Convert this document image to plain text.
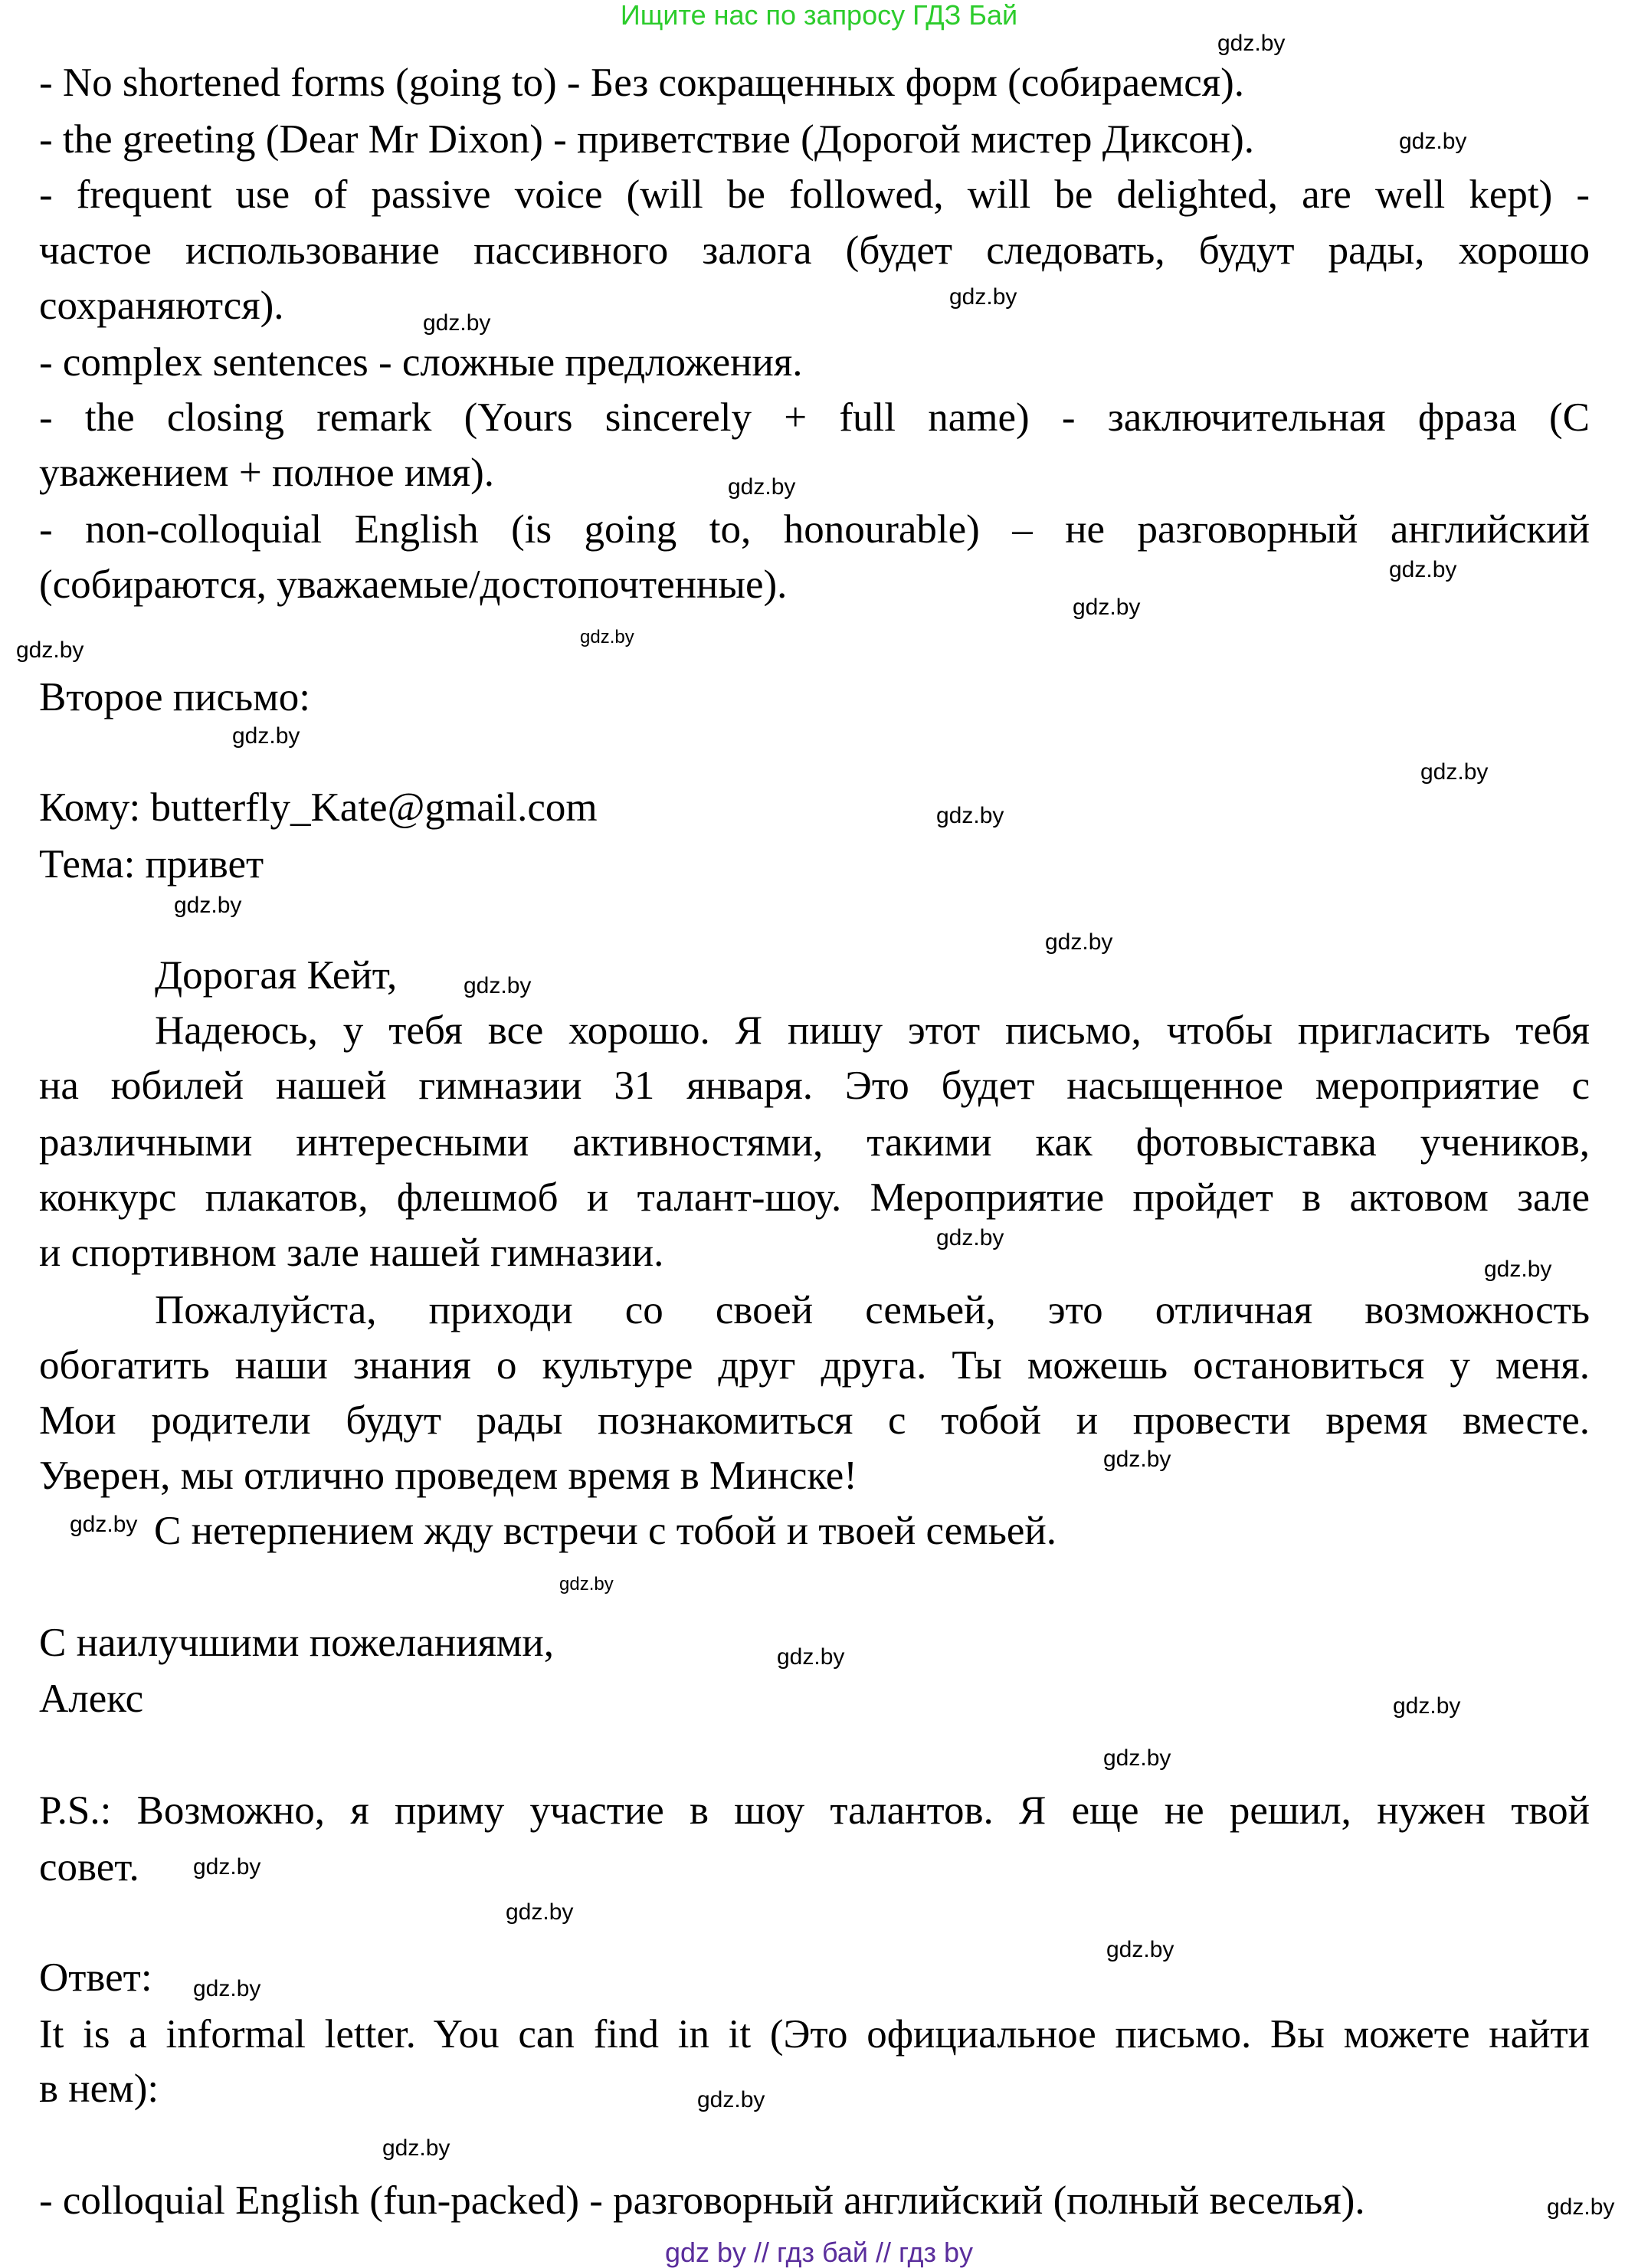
Ищите нас по запросу ГДЗ Бай
- No shortened forms (going to) - Без сокращенных форм (собираемся).
- the greeting (Dear Mr Dixon) - приветствие (Дорогой мистер Диксон).
- frequent use of passive voice (will be followed, will be delighted, are well kept) -
частое использование пассивного залога (будет следовать, будут рады, хорошо
сохраняются).
- complex sentences - сложные предложения.
- the closing remark (Yours sincerely + full name) - заключительная фраза (С
уважением + полное имя).
- non-colloquial English (is going to, honourable) – не разговорный английский
(собираются, уважаемые/достопочтенные).
Второе письмо:
Кому: butterfly_Kate@gmail.com
Тема: привет
Дорогая Кейт,
Надеюсь, у тебя все хорошо. Я пишу этот письмо, чтобы пригласить тебя
на юбилей нашей гимназии 31 января. Это будет насыщенное мероприятие с
различными интересными активностями, такими как фотовыставка учеников,
конкурс плакатов, флешмоб и талант-шоу. Мероприятие пройдет в актовом зале
и спортивном зале нашей гимназии.
Пожалуйста, приходи со своей семьей, это отличная возможность
обогатить наши знания о культуре друг друга. Ты можешь остановиться у меня.
Мои родители будут рады познакомиться с тобой и провести время вместе.
Уверен, мы отлично проведем время в Минске!
С нетерпением жду встречи с тобой и твоей семьей.
С наилучшими пожеланиями,
Алекс
P.S.: Возможно, я приму участие в шоу талантов. Я еще не решил, нужен твой
совет.
Ответ:
It is a informal letter. You can find in it (Это официальное письмо. Вы можете найти
в нем):
- colloquial English (fun-packed) - разговорный английский (полный веселья).
gdz.by
gdz.by
gdz.by
gdz.by
gdz.by
gdz.by
gdz.by
gdz.by
gdz.by
gdz.by
gdz.by
gdz.by
gdz.by
gdz.by
gdz.by
gdz.by
gdz.by
gdz.by
gdz.by
gdz.by
gdz.by
gdz.by
gdz.by
gdz.by
gdz.by
gdz.by
gdz.by
gdz.by
gdz.by
gdz.by
gdz by // гдз бай // гдз by
